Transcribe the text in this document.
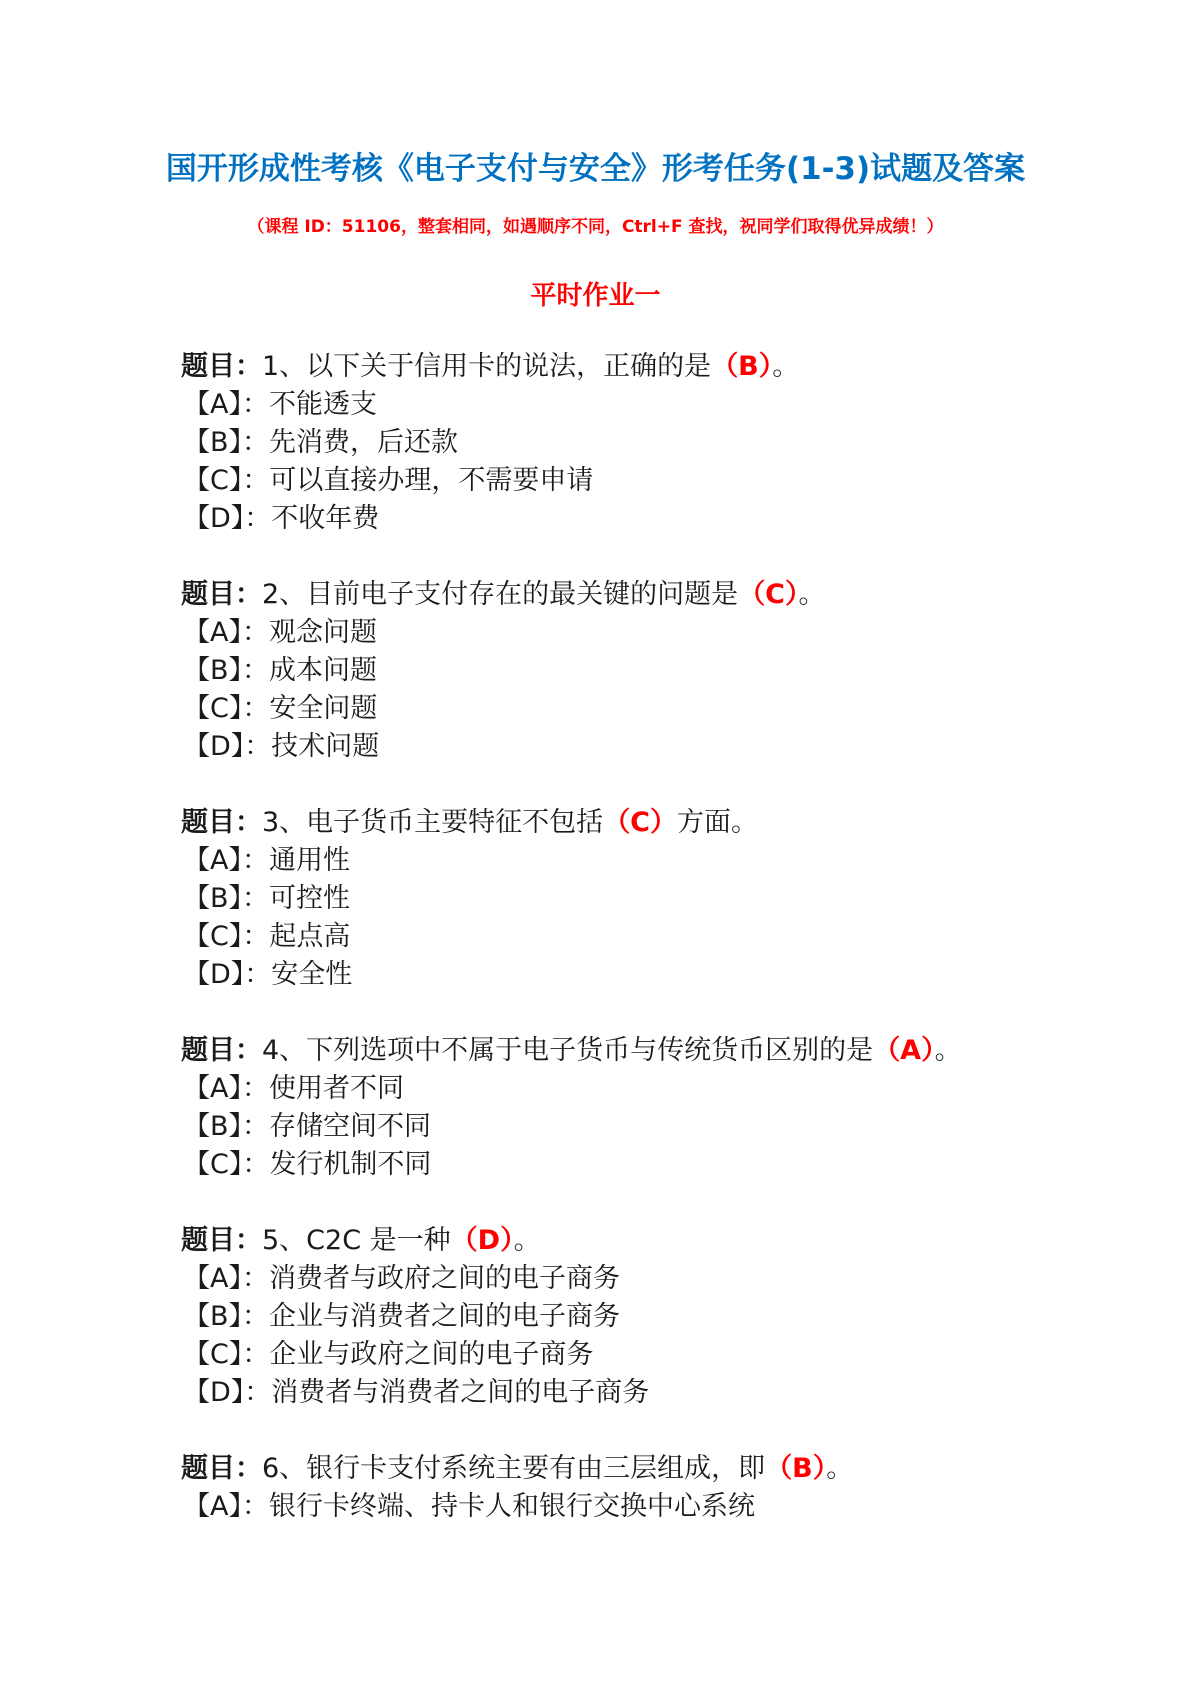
国开形成性考核《电子支付与安全》形考任务(1-3)试题及答案
（课程 ID：51106，整套相同，如遇顺序不同，Ctrl+F 查找，祝同学们取得优异成绩！）
平时作业一
题目：1、以下关于信用卡的说法，正确的是（B）。
【A】：不能透支
【B】：先消费，后还款
【C】：可以直接办理，不需要申请
【D】：不收年费
题目：2、目前电子支付存在的最关键的问题是（C）。
【A】：观念问题
【B】：成本问题
【C】：安全问题
【D】：技术问题
题目：3、电子货币主要特征不包括（C）方面。
【A】：通用性
【B】：可控性
【C】：起点高
【D】：安全性
题目：4、下列选项中不属于电子货币与传统货币区别的是（A）。
【A】：使用者不同
【B】：存储空间不同
【C】：发行机制不同
题目：5、C2C 是一种（D）。
【A】：消费者与政府之间的电子商务
【B】：企业与消费者之间的电子商务
【C】：企业与政府之间的电子商务
【D】：消费者与消费者之间的电子商务
题目：6、银行卡支付系统主要有由三层组成，即（B）。
【A】：银行卡终端、持卡人和银行交换中心系统
